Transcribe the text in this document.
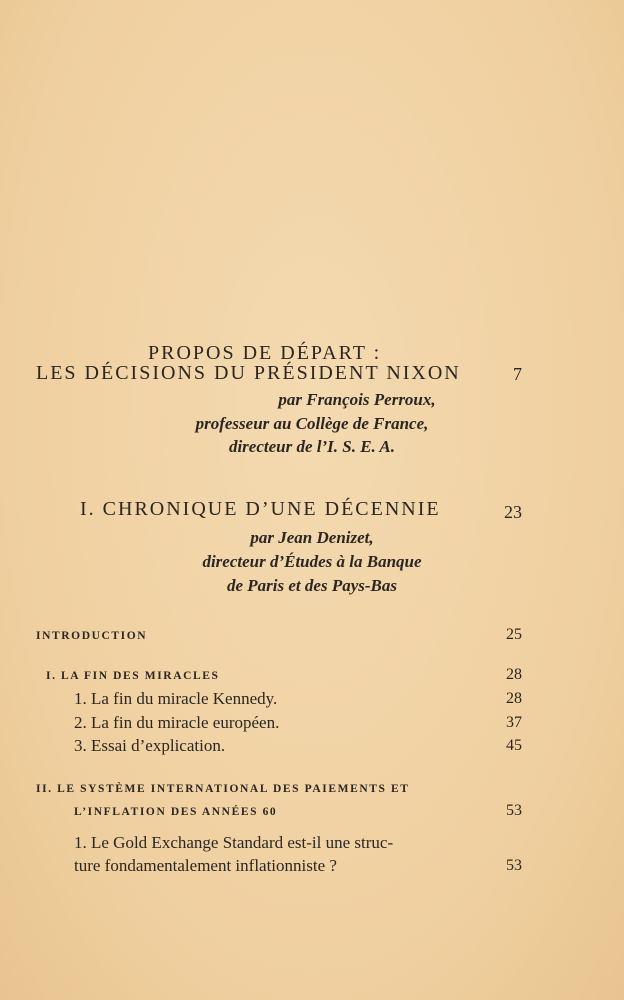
PROPOS DE DÉPART :
LES DÉCISIONS DU PRÉSIDENT NIXON	7
par François Perroux,
professeur au Collège de France,
directeur de l’I. S. E. A.
I. CHRONIQUE D’UNE DÉCENNIE	23
par Jean Denizet,
directeur d’Études à la Banque
de Paris et des Pays-Bas
INTRODUCTION	25
I. LA FIN DES MIRACLES	28
1. La fin du miracle Kennedy.	28
2. La fin du miracle européen.	37
3. Essai d’explication.	45
II. LE SYSTÈME INTERNATIONAL DES PAIEMENTS ET
L’INFLATION DES ANNÉES 60	53
1. Le Gold Exchange Standard est-il une struc-
ture fondamentalement inflationniste ?	53
